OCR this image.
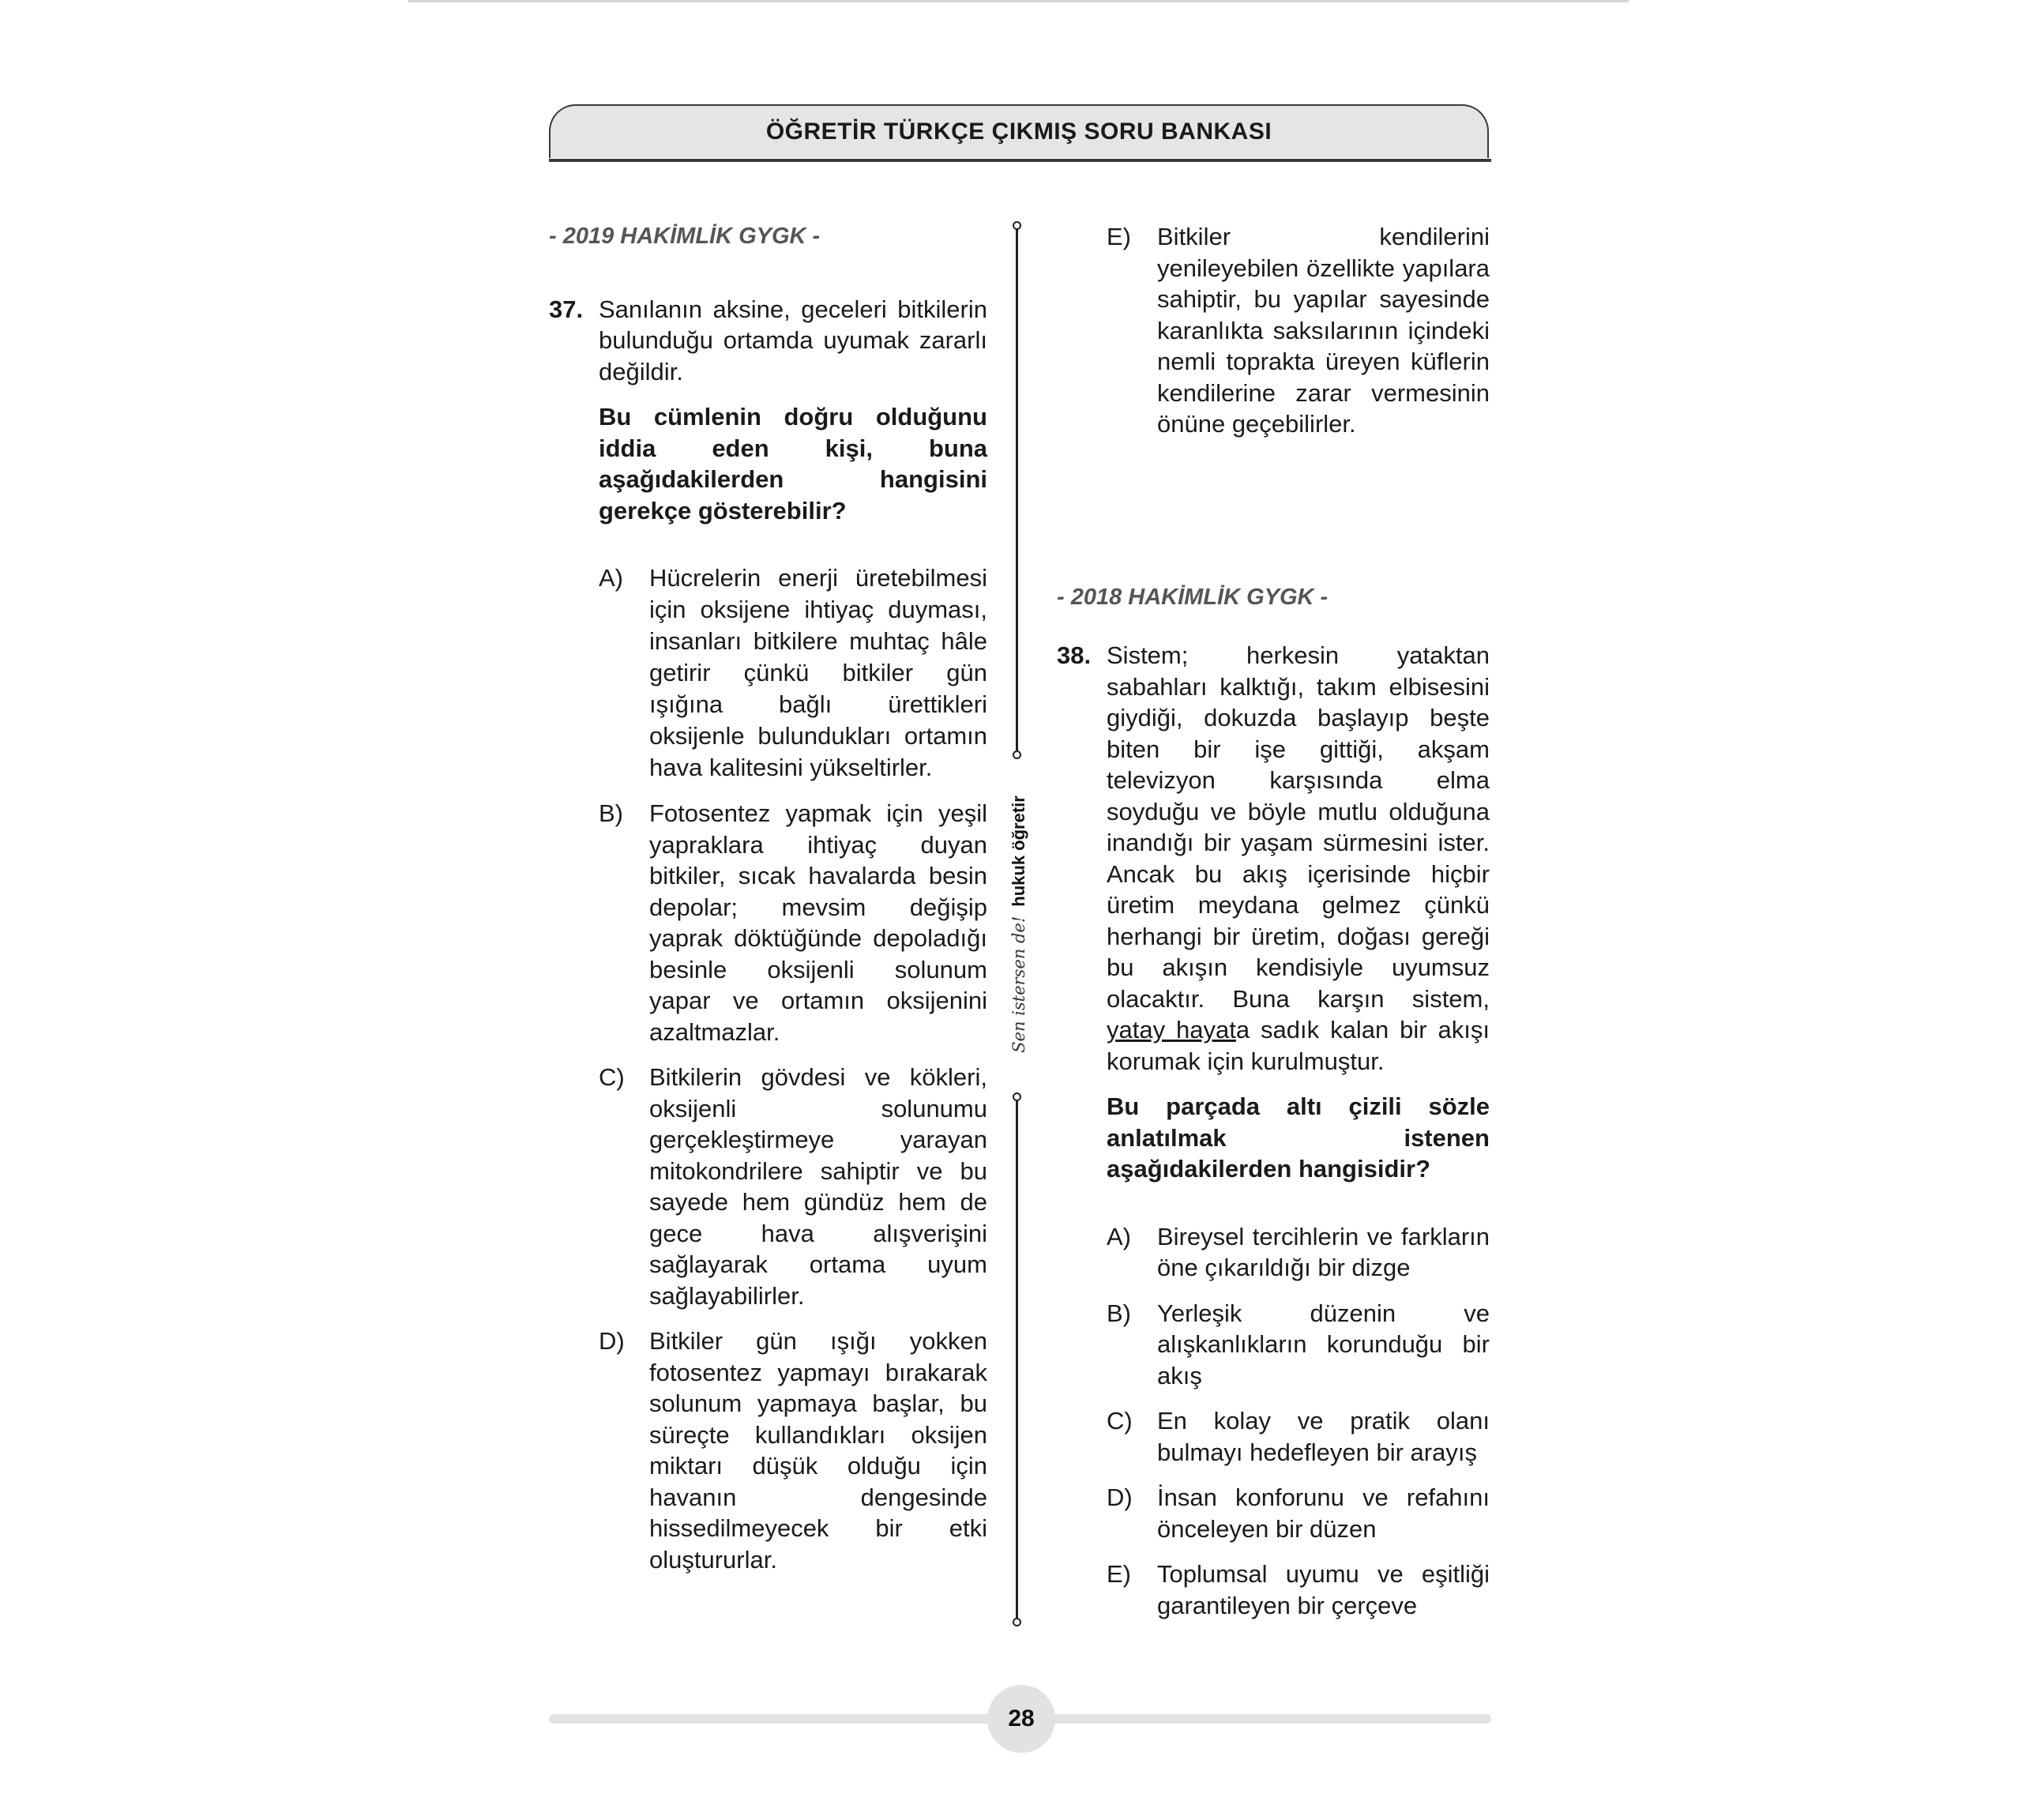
ÖĞRETİR TÜRKÇE ÇIKMIŞ SORU BANKASI
- 2019 HAKİMLİK GYGK -
37. Sanılanın aksine, geceleri bitkilerin bulunduğu ortamda uyumak zararlı değildir.
Bu cümlenin doğru olduğunu iddia eden kişi, buna aşağıdakilerden hangisini gerekçe gösterebilir?
A)	Hücrelerin enerji üretebilmesi için oksijene ihtiyaç duyması, insanları bitkilere muhtaç hâle getirir çünkü bitkiler gün ışığına bağlı ürettikleri oksijenle bulundukları ortamın hava kalitesini yükseltirler.
B)	Fotosentez yapmak için yeşil yapraklara ihtiyaç duyan bitkiler, sıcak havalarda besin depolar; mevsim değişip yaprak döktüğünde depoladığı besinle oksijenli solunum yapar ve ortamın oksijenini azaltmazlar.
C)	Bitkilerin gövdesi ve kökleri, oksijenli solunumu gerçekleştirmeye yarayan mitokondrilere sahiptir ve bu sayede hem gündüz hem de gece hava alışverişini sağlayarak ortama uyum sağlayabilirler.
D)	Bitkiler gün ışığı yokken fotosentez yapmayı bırakarak solunum yapmaya başlar, bu süreçte kullandıkları oksijen miktarı düşük olduğu için havanın dengesinde hissedilmeyecek bir etki oluştururlar.
Sen istersen de!
hukuk öğretir
E)	Bitkiler kendilerini yenileyebilen özellikte yapılara sahiptir, bu yapılar sayesinde karanlıkta saksılarının içindeki nemli toprakta üreyen küflerin kendilerine zarar vermesinin önüne geçebilirler.
- 2018 HAKİMLİK GYGK -
38. Sistem; herkesin yataktan sabahları kalktığı, takım elbisesini giydiği, dokuzda başlayıp beşte biten bir işe gittiği, akşam televizyon karşısında elma soyduğu ve böyle mutlu olduğuna inandığı bir yaşam sürmesini ister. Ancak bu akış içerisinde hiçbir üretim meydana gelmez çünkü herhangi bir üretim, doğası gereği bu akışın kendisiyle uyumsuz olacaktır. Buna karşın sistem, yatay hayata sadık kalan bir akışı korumak için kurulmuştur.
Bu parçada altı çizili sözle anlatılmak istenen aşağıdakilerden hangisidir?
A)	Bireysel tercihlerin ve farkların öne çıkarıldığı bir dizge
B)	Yerleşik düzenin ve alışkanlıkların korunduğu bir akış
C)	En kolay ve pratik olanı bulmayı hedefleyen bir arayış
D)	İnsan konforunu ve refahını önceleyen bir düzen
E)	Toplumsal uyumu ve eşitliği garantileyen bir çerçeve
28
